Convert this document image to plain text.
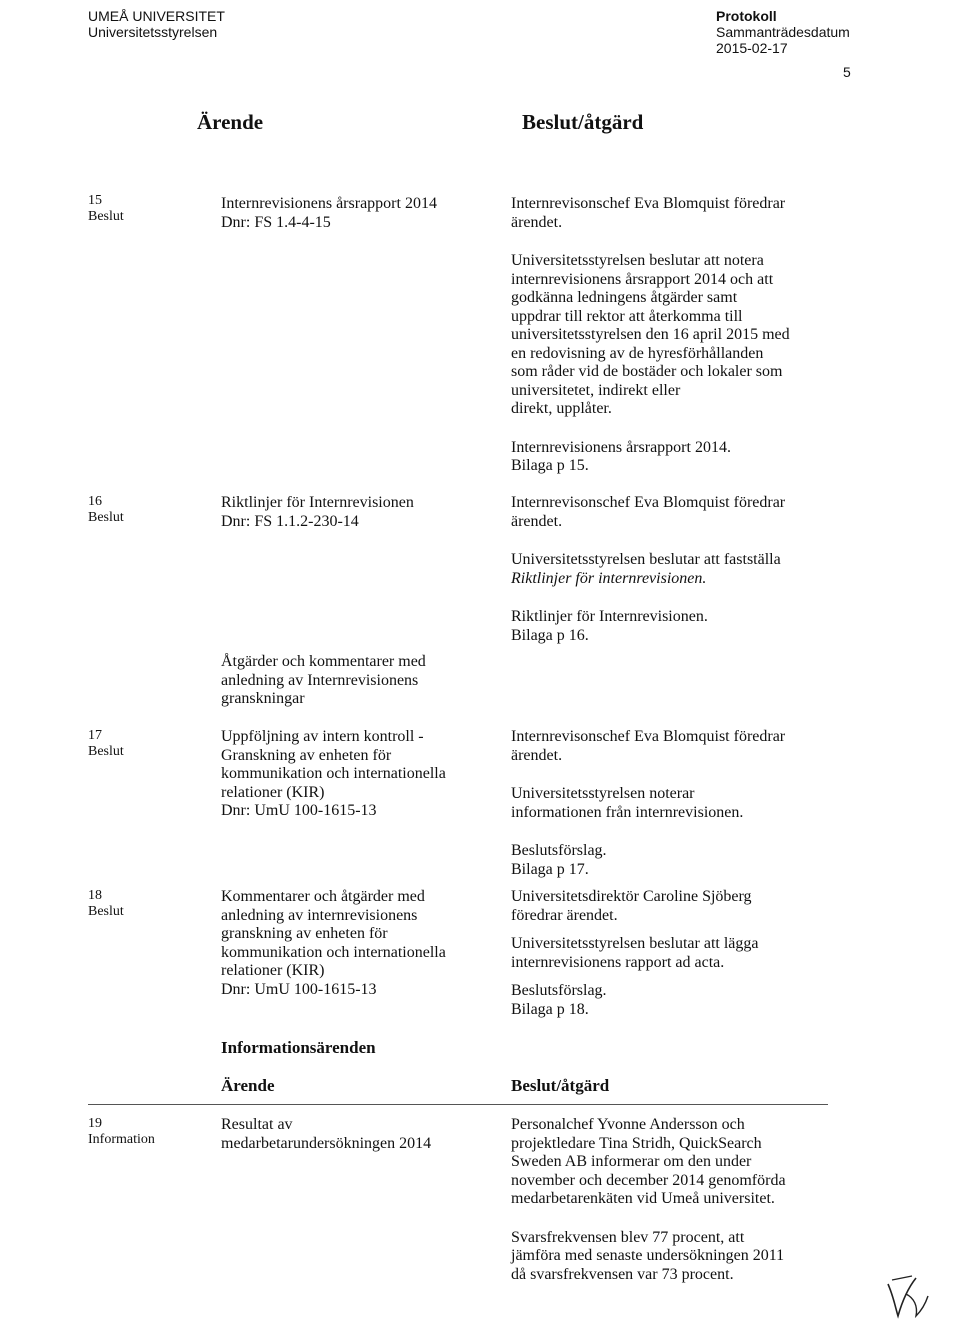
UMEÅ UNIVERSITET
Universitetsstyrelsen
Protokoll
Sammanträdesdatum
2015-02-17
5
Ärende	Beslut/åtgärd
15
Beslut
Internrevisionens årsrapport 2014
Dnr: FS 1.4-4-15
Internrevisonschef Eva Blomquist föredrar
ärendet.
Universitetsstyrelsen beslutar att notera
internrevisionens årsrapport 2014 och att
godkänna ledningens åtgärder samt
uppdrar till rektor att återkomma till
universitetsstyrelsen den 16 april 2015 med
en redovisning av de hyresförhållanden
som råder vid de bostäder och lokaler som
universitetet, indirekt eller
direkt, upplåter.
Internrevisionens årsrapport 2014.
Bilaga p 15.
16
Beslut
Riktlinjer för Internrevisionen
Dnr: FS 1.1.2-230-14
Internrevisonschef Eva Blomquist föredrar
ärendet.
Universitetsstyrelsen beslutar att fastställa
Riktlinjer för internrevisionen.
Riktlinjer för Internrevisionen.
Bilaga p 16.
Åtgärder och kommentarer med
anledning av Internrevisionens
granskningar
17
Beslut
Uppföljning av intern kontroll -
Granskning av enheten för
kommunikation och internationella
relationer (KIR)
Dnr: UmU 100-1615-13
Internrevisonschef Eva Blomquist föredrar
ärendet.
Universitetsstyrelsen noterar
informationen från internrevisionen.
Beslutsförslag.
Bilaga p 17.
18
Beslut
Kommentarer och åtgärder med
anledning av internrevisionens
granskning av enheten för
kommunikation och internationella
relationer (KIR)
Dnr: UmU 100-1615-13
Universitetsdirektör Caroline Sjöberg
föredrar ärendet.
Universitetsstyrelsen beslutar att lägga
internrevisionens rapport ad acta.
Beslutsförslag.
Bilaga p 18.
Informationsärenden
Ärende	Beslut/åtgärd
19
Information
Resultat av
medarbetarundersökningen 2014
Personalchef Yvonne Andersson och
projektledare Tina Stridh, QuickSearch
Sweden AB informerar om den under
november och december 2014 genomförda
medarbetarenkäten vid Umeå universitet.
Svarsfrekvensen blev 77 procent, att
jämföra med senaste undersökningen 2011
då svarsfrekvensen var 73 procent.
